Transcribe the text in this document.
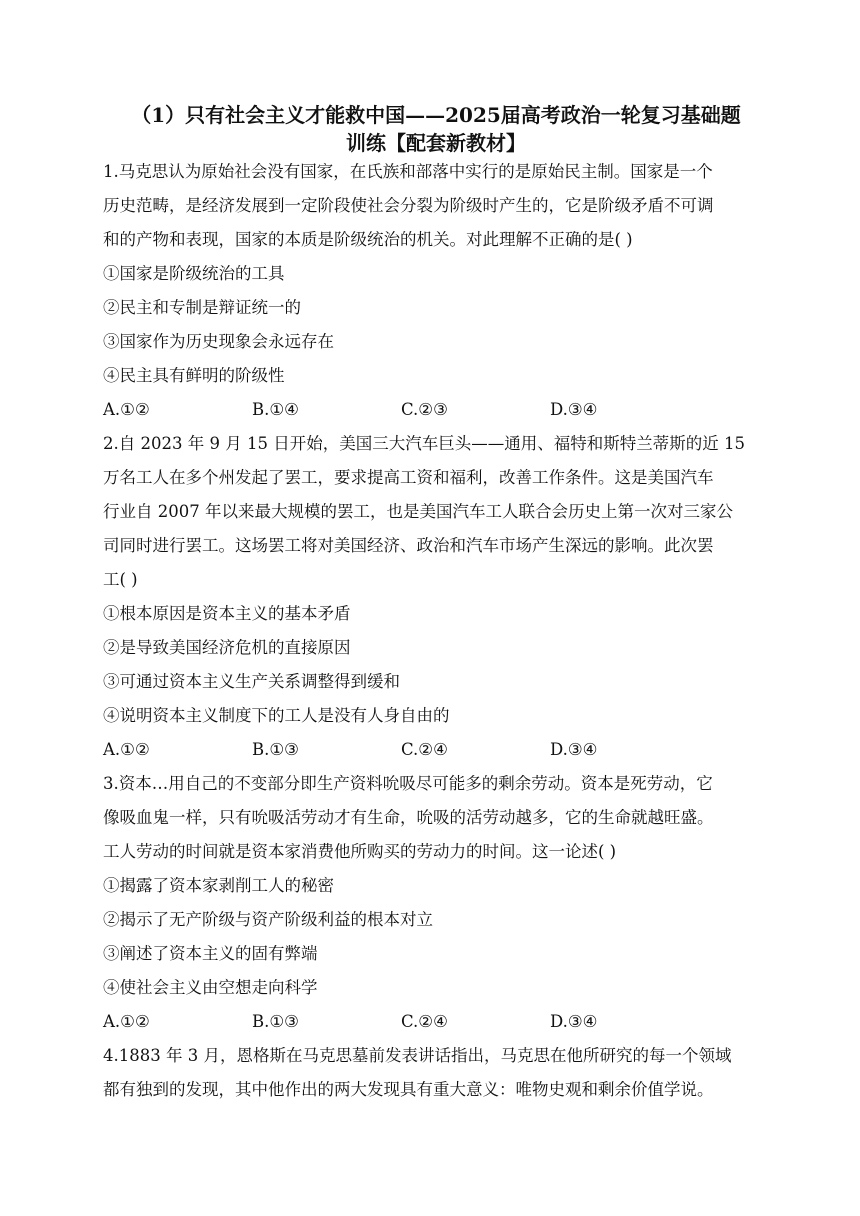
（1）只有社会主义才能救中国——2025届高考政治一轮复习基础题
训练【配套新教材】
1.马克思认为原始社会没有国家，在氏族和部落中实行的是原始民主制。国家是一个
历史范畴，是经济发展到一定阶段使社会分裂为阶级时产生的，它是阶级矛盾不可调
和的产物和表现，国家的本质是阶级统治的机关。对此理解不正确的是( )
①国家是阶级统治的工具
②民主和专制是辩证统一的
③国家作为历史现象会永远存在
④民主具有鲜明的阶级性
A.①②	B.①④	C.②③	D.③④
2.自 2023 年 9 月 15 日开始，美国三大汽车巨头——通用、福特和斯特兰蒂斯的近 15
万名工人在多个州发起了罢工，要求提高工资和福利，改善工作条件。这是美国汽车
行业自 2007 年以来最大规模的罢工，也是美国汽车工人联合会历史上第一次对三家公
司同时进行罢工。这场罢工将对美国经济、政治和汽车市场产生深远的影响。此次罢
工( )
①根本原因是资本主义的基本矛盾
②是导致美国经济危机的直接原因
③可通过资本主义生产关系调整得到缓和
④说明资本主义制度下的工人是没有人身自由的
A.①②	B.①③	C.②④	D.③④
3.资本…用自己的不变部分即生产资料吮吸尽可能多的剩余劳动。资本是死劳动，它
像吸血鬼一样，只有吮吸活劳动才有生命，吮吸的活劳动越多，它的生命就越旺盛。
工人劳动的时间就是资本家消费他所购买的劳动力的时间。这一论述( )
①揭露了资本家剥削工人的秘密
②揭示了无产阶级与资产阶级利益的根本对立
③阐述了资本主义的固有弊端
④使社会主义由空想走向科学
A.①②	B.①③	C.②④	D.③④
4.1883 年 3 月，恩格斯在马克思墓前发表讲话指出，马克思在他所研究的每一个领域
都有独到的发现，其中他作出的两大发现具有重大意义：唯物史观和剩余价值学说。
